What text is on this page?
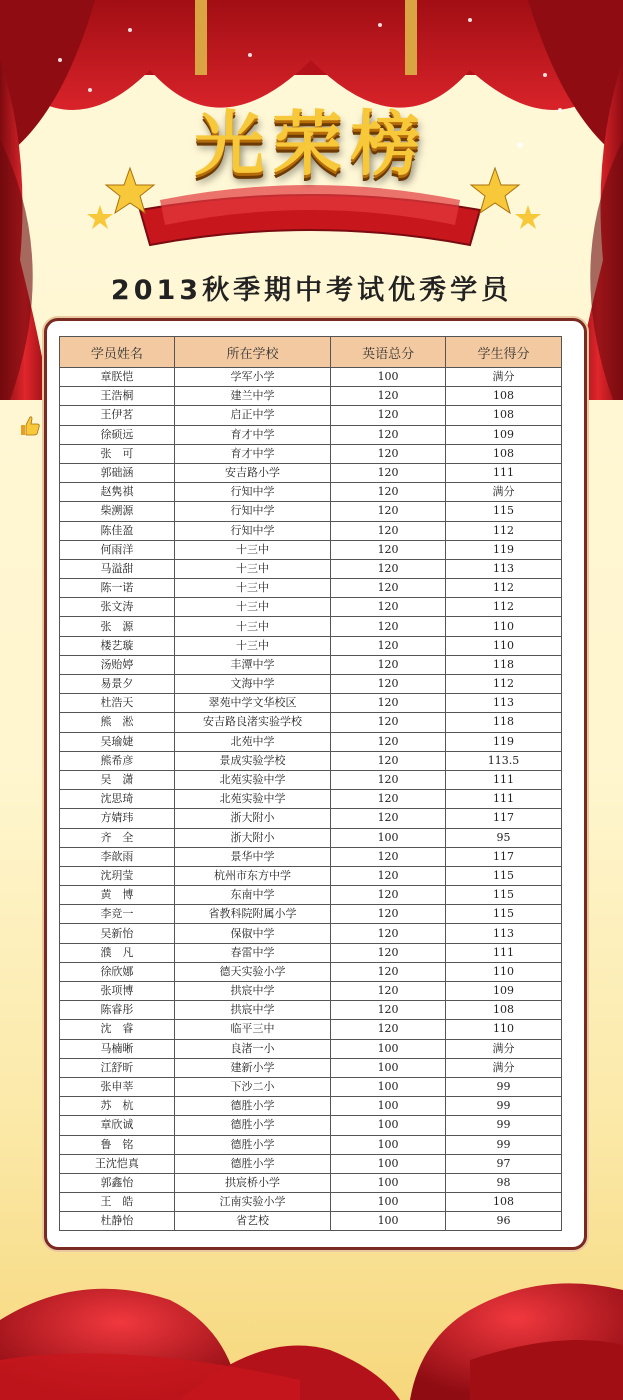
光荣榜
2013秋季期中考试优秀学员
学员姓名	所在学校	英语总分	学生得分
章朕恺	学军小学	100	满分
王浩桐	建兰中学	120	108
王伊茗	启正中学	120	108
徐硕远	育才中学	120	109
张　可	育才中学	120	108
郭础涵	安吉路小学	120	111
赵隽祺	行知中学	120	满分
柴溯源	行知中学	120	115
陈佳盈	行知中学	120	112
何雨洋	十三中	120	119
马溢甜	十三中	120	113
陈一诺	十三中	120	112
张文涛	十三中	120	112
张　源	十三中	120	110
楼艺璇	十三中	120	110
汤贻婷	丰潭中学	120	118
易景夕	文海中学	120	112
杜浩天	翠苑中学文华校区	120	113
熊　淞	安吉路良渚实验学校	120	118
吴瑜婕	北苑中学	120	119
熊希彦	景成实验学校	120	113.5
吴　潇	北苑实验中学	120	111
沈思琦	北苑实验中学	120	111
方婧玮	浙大附小	120	117
齐　全	浙大附小	100	95
李歆雨	景华中学	120	117
沈玥莹	杭州市东方中学	120	115
黄　博	东南中学	120	115
李竞一	省教科院附属小学	120	115
吴新怡	保俶中学	120	113
濮　凡	春雷中学	120	111
徐欣娜	德天实验小学	120	110
张项博	拱宸中学	120	109
陈睿彤	拱宸中学	120	108
沈　睿	临平三中	120	110
马楠晰	良渚一小	100	满分
江舒昕	建新小学	100	满分
张申莘	下沙二小	100	99
苏　杭	德胜小学	100	99
章欣诚	德胜小学	100	99
鲁　铭	德胜小学	100	99
王沈恺真	德胜小学	100	97
郭鑫怡	拱宸桥小学	100	98
王　皓	江南实验小学	100	108
杜静怡	省艺校	100	96
